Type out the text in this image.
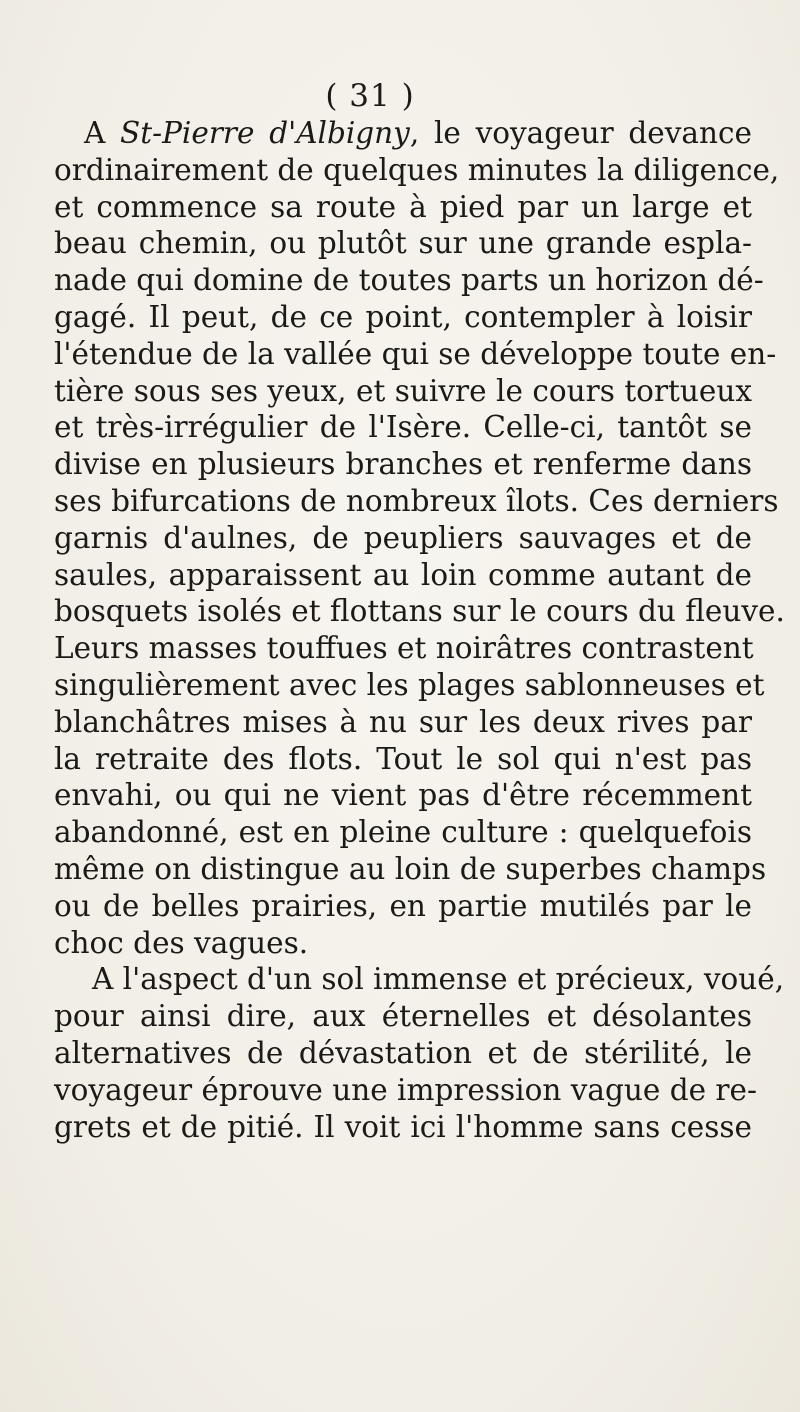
( 31 )
A St-Pierre d'Albigny, le voyageur devance
ordinairement de quelques minutes la diligence,
et commence sa route à pied par un large et
beau chemin, ou plutôt sur une grande espla-
nade qui domine de toutes parts un horizon dé-
gagé. Il peut, de ce point, contempler à loisir
l'étendue de la vallée qui se développe toute en-
tière sous ses yeux, et suivre le cours tortueux
et très-irrégulier de l'Isère. Celle-ci, tantôt se
divise en plusieurs branches et renferme dans
ses bifurcations de nombreux îlots. Ces derniers
garnis d'aulnes, de peupliers sauvages et de
saules, apparaissent au loin comme autant de
bosquets isolés et flottans sur le cours du fleuve.
Leurs masses touffues et noirâtres contrastent
singulièrement avec les plages sablonneuses et
blanchâtres mises à nu sur les deux rives par
la retraite des flots. Tout le sol qui n'est pas
envahi, ou qui ne vient pas d'être récemment
abandonné, est en pleine culture : quelquefois
même on distingue au loin de superbes champs
ou de belles prairies, en partie mutilés par le
choc des vagues.
A l'aspect d'un sol immense et précieux, voué,
pour ainsi dire, aux éternelles et désolantes
alternatives de dévastation et de stérilité, le
voyageur éprouve une impression vague de re-
grets et de pitié. Il voit ici l'homme sans cesse
